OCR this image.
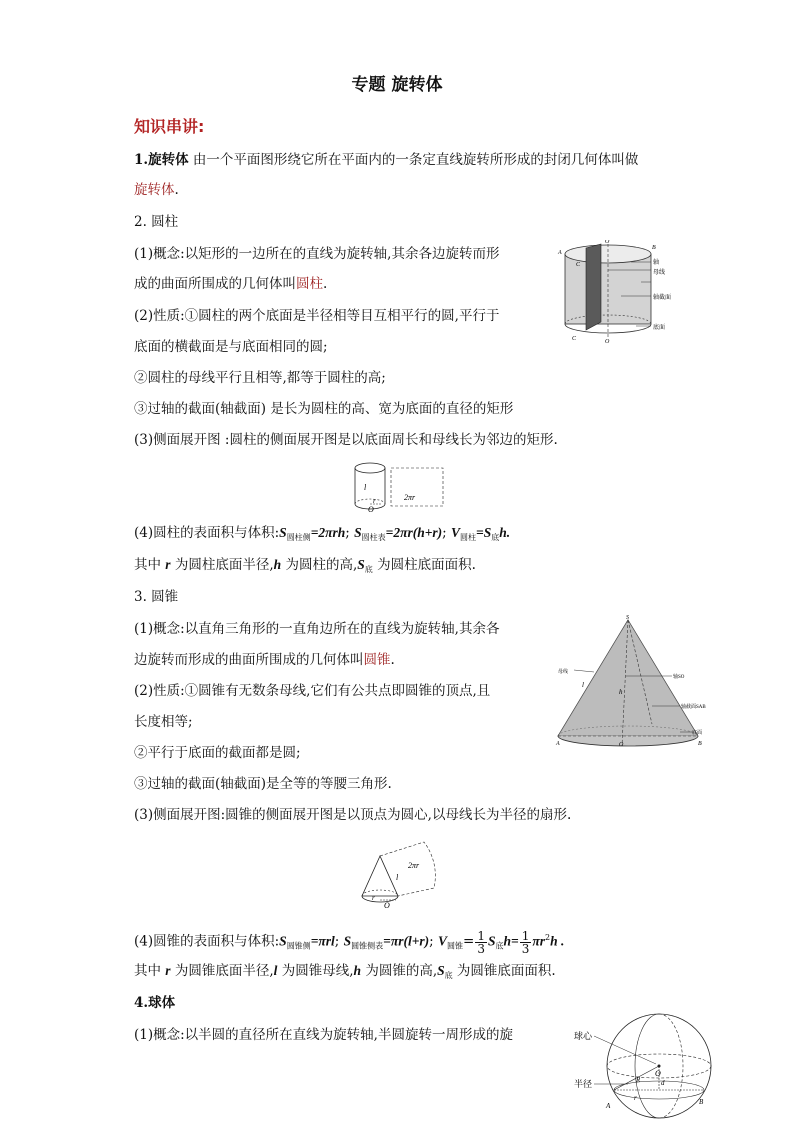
专题 旋转体
知识串讲:
1.旋转体 由一个平面图形绕它所在平面内的一条定直线旋转所形成的封闭几何体叫做
旋转体.
2. 圆柱
(1)概念:以矩形的一边所在的直线为旋转轴,其余各边旋转而形
成的曲面所围成的几何体叫圆柱.
(2)性质:①圆柱的两个底面是半径相等目互相平行的圆,平行于
底面的横截面是与底面相同的圆;
②圆柱的母线平行且相等,都等于圆柱的高;
③过轴的截面(轴截面) 是长为圆柱的高、宽为底面的直径的矩形
(3)侧面展开图 :圆柱的侧面展开图是以底面周长和母线长为邻边的矩形.
A
O
B
C	轴
母线
轴截面
底面
O
C
l
2πr
r
O
(4)圆柱的表面积与体积$:S_{圆柱侧}=2\pi rh$; $S_{圆柱表}=2\pi r(h+r)$; $V_{圆柱}=S_底h$.
其中 r 为圆柱底面半径,h 为圆柱的高$,S_底$ 为圆柱底面面积.
3. 圆锥
(1)概念:以直角三角形的一直角边所在的直线为旋转轴,其余各
边旋转而形成的曲面所围成的几何体叫圆锥.
(2)性质:①圆锥有无数条母线,它们有公共点即圆锥的顶点,且
长度相等;
②平行于底面的截面都是圆;
③过轴的截面(轴截面)是全等的等腰三角形.
(3)侧面展开图:圆锥的侧面展开图是以顶点为圆心,以母线长为半径的扇形.
S
A	O	B
l
h
母线
轴SO
轴截面SAB
底面
2πr
l
r
O
(4)圆锥的表面积与体积$:S_{圆锥侧}=\pi rl$; $S_{圆锥侧表}=\pi r(l+r)$; $V_{圆锥}= \frac{1}{3} S_底h= \frac{1}{3} \pi r^2h$ .
其中 r 为圆锥底面半径,l 为圆锥母线,h 为圆锥的高$,S_底$ 为圆锥底面面积.
4.球体
(1)概念:以半圆的直径所在直线为旋转轴,半圆旋转一周形成的旋	球心
半径
O
R
A	B
d
r
